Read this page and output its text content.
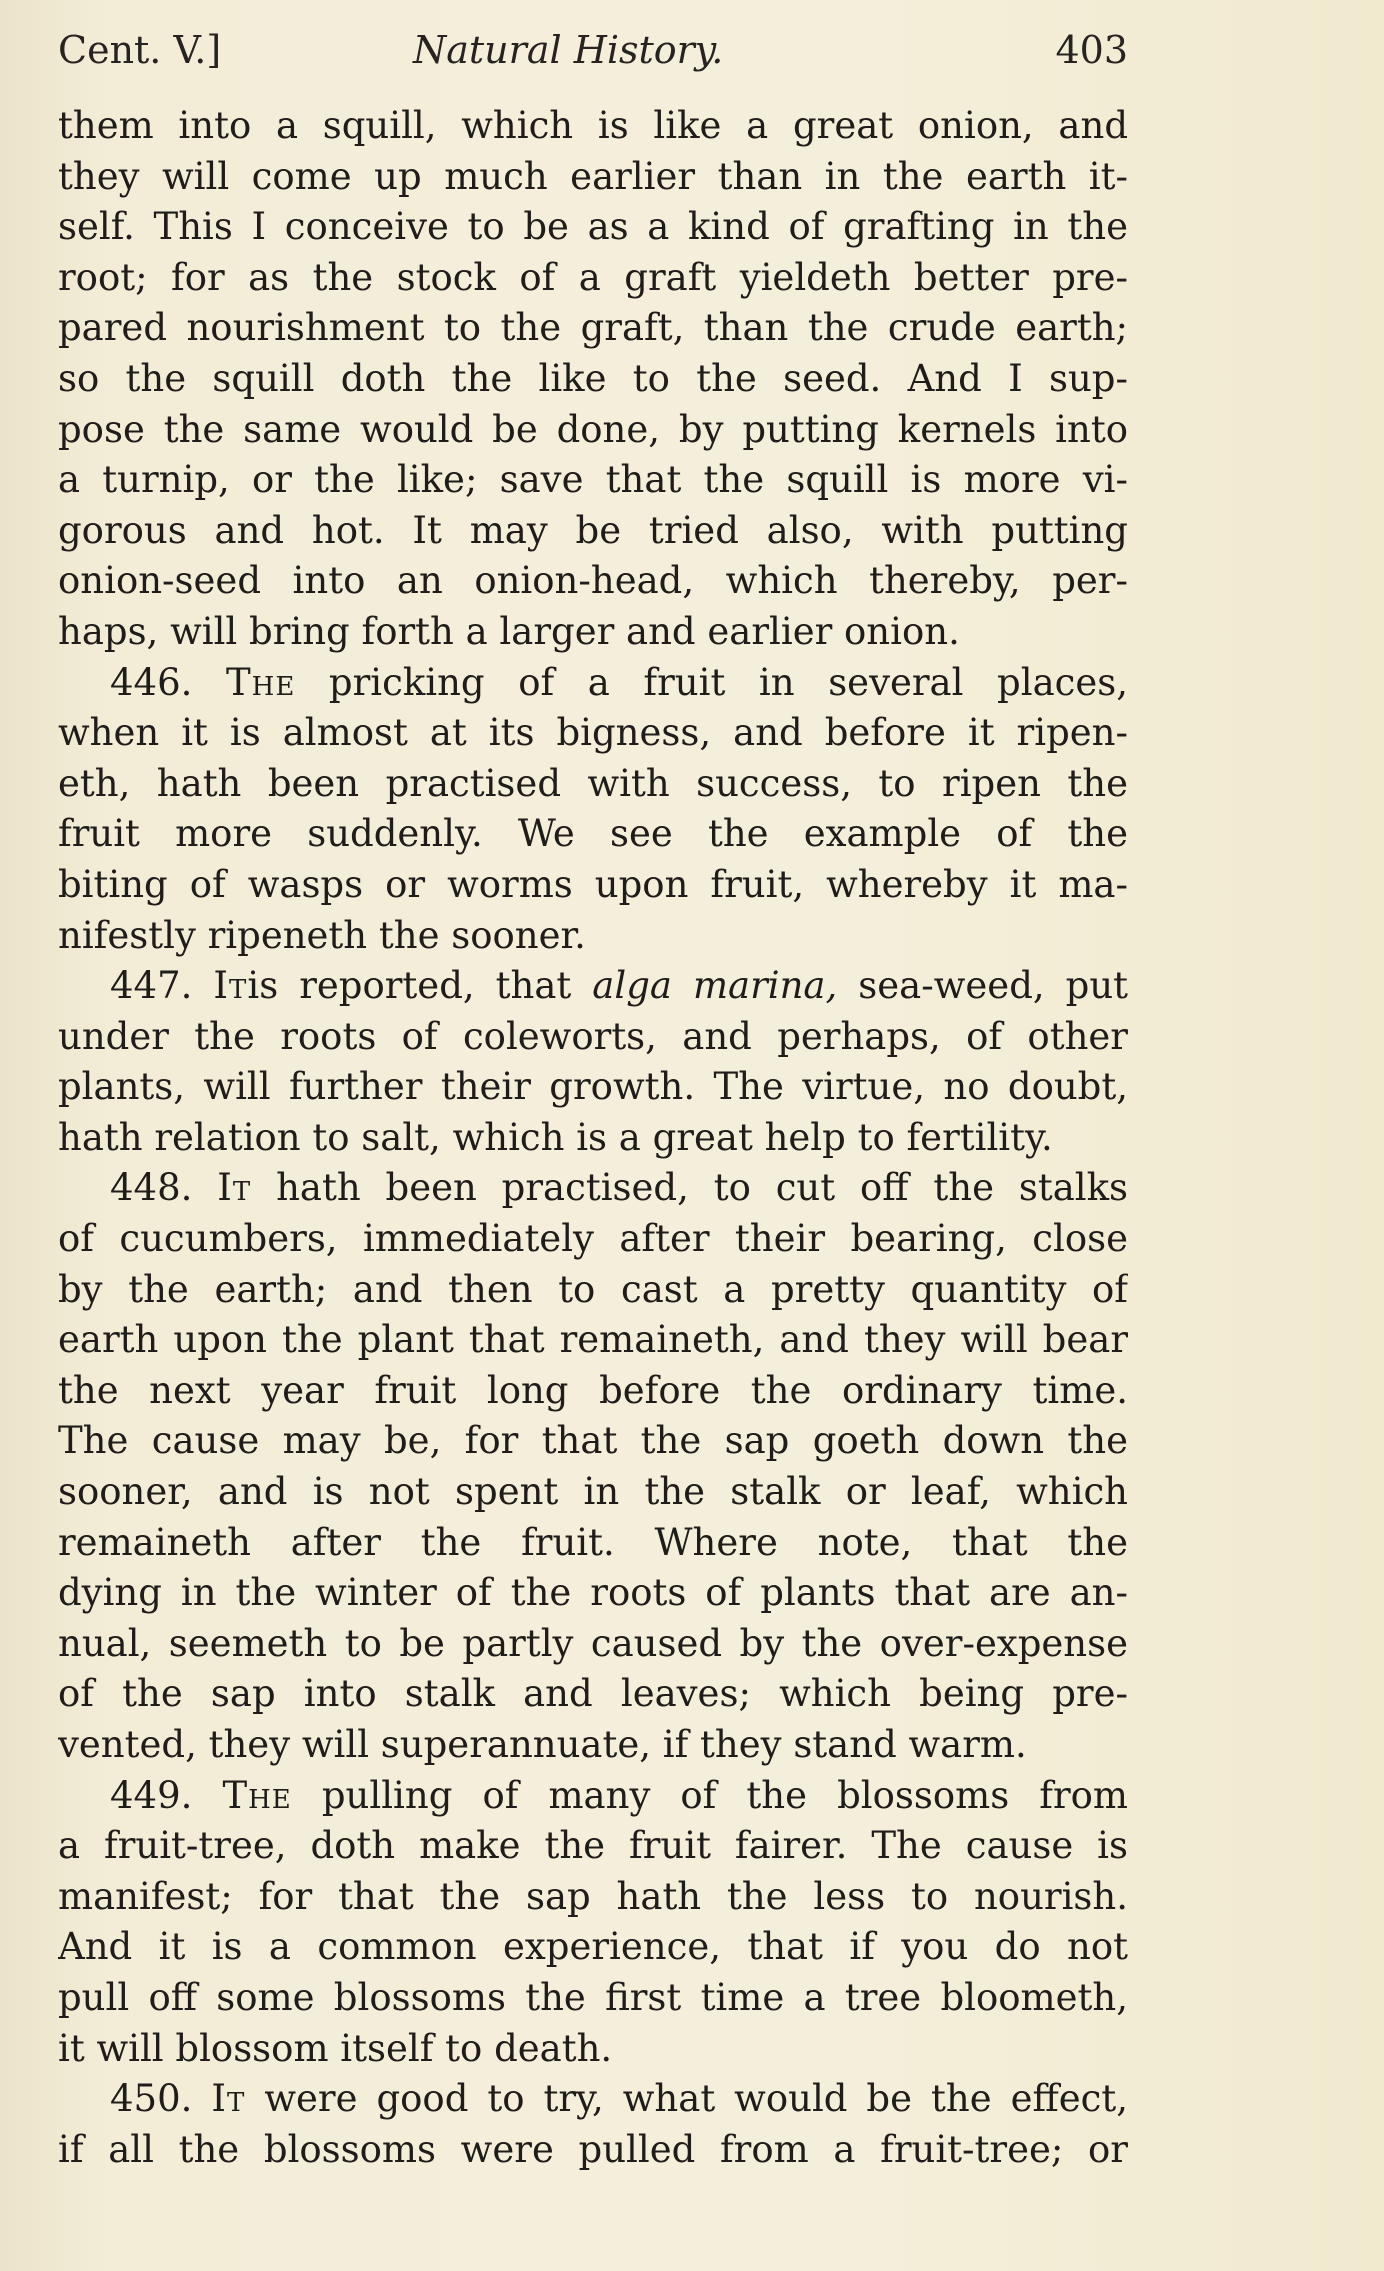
Cent. V.]	Natural History.	403
them into a squill, which is like a great onion, and
they will come up much earlier than in the earth it-
self. This I conceive to be as a kind of grafting in the
root; for as the stock of a graft yieldeth better pre-
pared nourishment to the graft, than the crude earth;
so the squill doth the like to the seed. And I sup-
pose the same would be done, by putting kernels into
a turnip, or the like; save that the squill is more vi-
gorous and hot. It may be tried also, with putting
onion-seed into an onion-head, which thereby, per-
haps, will bring forth a larger and earlier onion.
446. The pricking of a fruit in several places,
when it is almost at its bigness, and before it ripen-
eth, hath been practised with success, to ripen the
fruit more suddenly. We see the example of the
biting of wasps or worms upon fruit, whereby it ma-
nifestly ripeneth the sooner.
447. Itis reported, that alga marina, sea-weed, put
under the roots of coleworts, and perhaps, of other
plants, will further their growth. The virtue, no doubt,
hath relation to salt, which is a great help to fertility.
448. It hath been practised, to cut off the stalks
of cucumbers, immediately after their bearing, close
by the earth; and then to cast a pretty quantity of
earth upon the plant that remaineth, and they will bear
the next year fruit long before the ordinary time.
The cause may be, for that the sap goeth down the
sooner, and is not spent in the stalk or leaf, which
remaineth after the fruit. Where note, that the
dying in the winter of the roots of plants that are an-
nual, seemeth to be partly caused by the over-expense
of the sap into stalk and leaves; which being pre-
vented, they will superannuate, if they stand warm.
449. The pulling of many of the blossoms from
a fruit-tree, doth make the fruit fairer. The cause is
manifest; for that the sap hath the less to nourish.
And it is a common experience, that if you do not
pull off some blossoms the first time a tree bloometh,
it will blossom itself to death.
450. It were good to try, what would be the effect,
if all the blossoms were pulled from a fruit-tree; or
